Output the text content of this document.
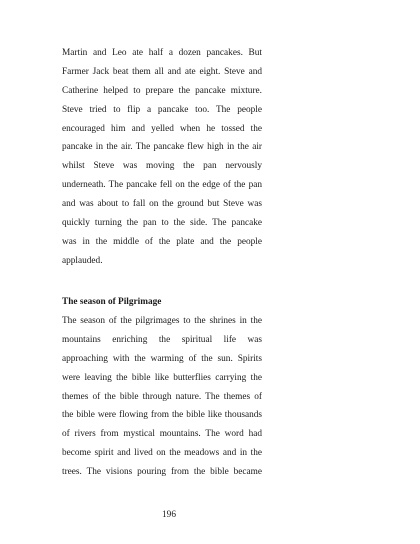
Martin and Leo ate half a dozen pancakes. But
Farmer Jack beat them all and ate eight. Steve and
Catherine helped to prepare the pancake mixture.
Steve tried to flip a pancake too. The people
encouraged him and yelled when he tossed the
pancake in the air. The pancake flew high in the air
whilst Steve was moving the pan nervously
underneath. The pancake fell on the edge of the pan
and was about to fall on the ground but Steve was
quickly turning the pan to the side. The pancake
was in the middle of the plate and the people
applauded.
The season of Pilgrimage
The season of the pilgrimages to the shrines in the
mountains enriching the spiritual life was
approaching with the warming of the sun. Spirits
were leaving the bible like butterflies carrying the
themes of the bible through nature. The themes of
the bible were flowing from the bible like thousands
of rivers from mystical mountains. The word had
become spirit and lived on the meadows and in the
trees. The visions pouring from the bible became
196
